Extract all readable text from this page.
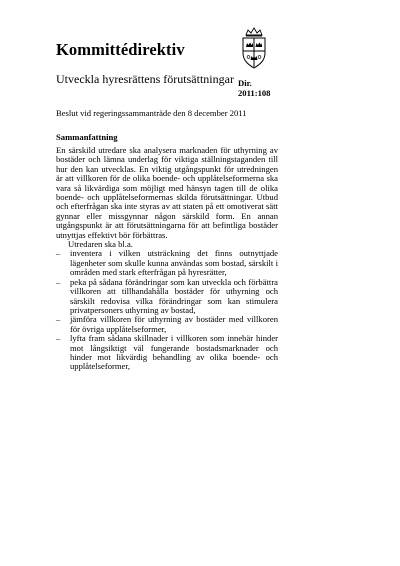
Kommittédirektiv
Utveckla hyresrättens förutsättningar Dir.
2011:108
Beslut vid regeringssammanträde den 8 december 2011
Sammanfattning

En särskild utredare ska analysera marknaden för uthyrning av bostäder och lämna underlag för viktiga ställningstaganden till hur den kan utvecklas. En viktig utgångspunkt för utredningen är att villkoren för de olika boende- och upplåtelseformerna ska vara så likvärdiga som möjligt med hänsyn tagen till de olika boende- och upplåtelseformernas skilda förutsättningar. Utbud och efterfrågan ska inte styras av att staten på ett omotiverat sätt gynnar eller missgynnar någon särskild form. En annan utgångspunkt är att förutsättningarna för att befintliga bostäder utnyttjas effektivt bör förbättras.

Utredaren ska bl.a.

–	inventera i vilken utsträckning det finns outnyttjade lägenheter som skulle kunna användas som bostad, särskilt i områden med stark efterfrågan på hyresrätter,
–	peka på sådana förändringar som kan utveckla och förbättra villkoren att tillhandahålla bostäder för uthyrning och särskilt redovisa vilka förändringar som kan stimulera privatpersoners uthyrning av bostad,
–	jämföra villkoren för uthyrning av bostäder med villkoren för övriga upplåtelseformer,
–	lyfta fram sådana skillnader i villkoren som innebär hinder mot långsiktigt väl fungerande bostadsmarknader och hinder mot likvärdig behandling av olika boende- och upplåtelseformer,
